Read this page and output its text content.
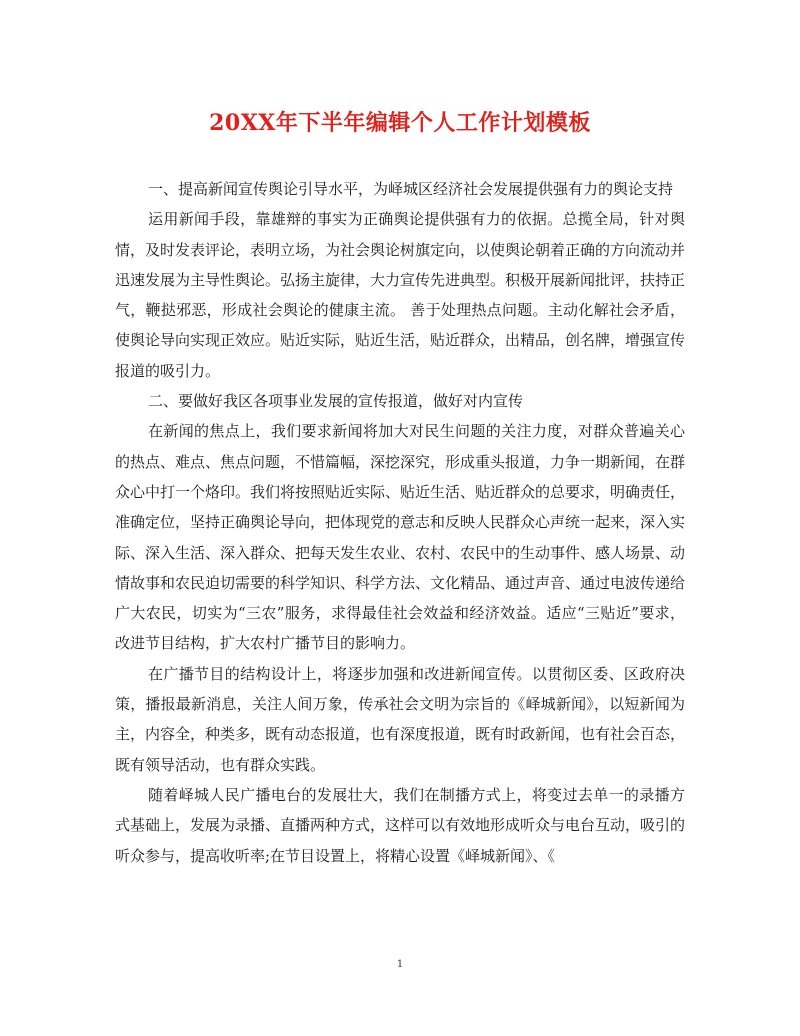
20XX年下半年编辑个人工作计划模板

一、提高新闻宣传舆论引导水平，为峄城区经济社会发展提供强有力的舆论支持

运用新闻手段，靠雄辩的事实为正确舆论提供强有力的依据。总揽全局，针对舆情，及时发表评论，表明立场，为社会舆论树旗定向，以使舆论朝着正确的方向流动并迅速发展为主导性舆论。弘扬主旋律，大力宣传先进典型。积极开展新闻批评，扶持正气，鞭挞邪恶，形成社会舆论的健康主流。 善于处理热点问题。主动化解社会矛盾，使舆论导向实现正效应。贴近实际，贴近生活，贴近群众，出精品，创名牌，增强宣传报道的吸引力。

二、要做好我区各项事业发展的宣传报道，做好对内宣传

在新闻的焦点上，我们要求新闻将加大对民生问题的关注力度，对群众普遍关心的热点、难点、焦点问题，不惜篇幅，深挖深究，形成重头报道，力争一期新闻，在群众心中打一个烙印。我们将按照贴近实际、贴近生活、贴近群众的总要求，明确责任，准确定位，坚持正确舆论导向，把体现党的意志和反映人民群众心声统一起来，深入实际、深入生活、深入群众、把每天发生农业、农村、农民中的生动事件、感人场景、动情故事和农民迫切需要的科学知识、科学方法、文化精品、通过声音、通过电波传递给广大农民，切实为“三农”服务，求得最佳社会效益和经济效益。适应“三贴近”要求，改进节目结构，扩大农村广播节目的影响力。

在广播节目的结构设计上，将逐步加强和改进新闻宣传。以贯彻区委、区政府决策，播报最新消息，关注人间万象，传承社会文明为宗旨的《峄城新闻》，以短新闻为主，内容全，种类多，既有动态报道，也有深度报道，既有时政新闻，也有社会百态，既有领导活动，也有群众实践。

随着峄城人民广播电台的发展壮大，我们在制播方式上，将变过去单一的录播方式基础上，发展为录播、直播两种方式，这样可以有效地形成听众与电台互动，吸引的听众参与，提高收听率;在节目设置上，将精心设置《峄城新闻》、《

1
